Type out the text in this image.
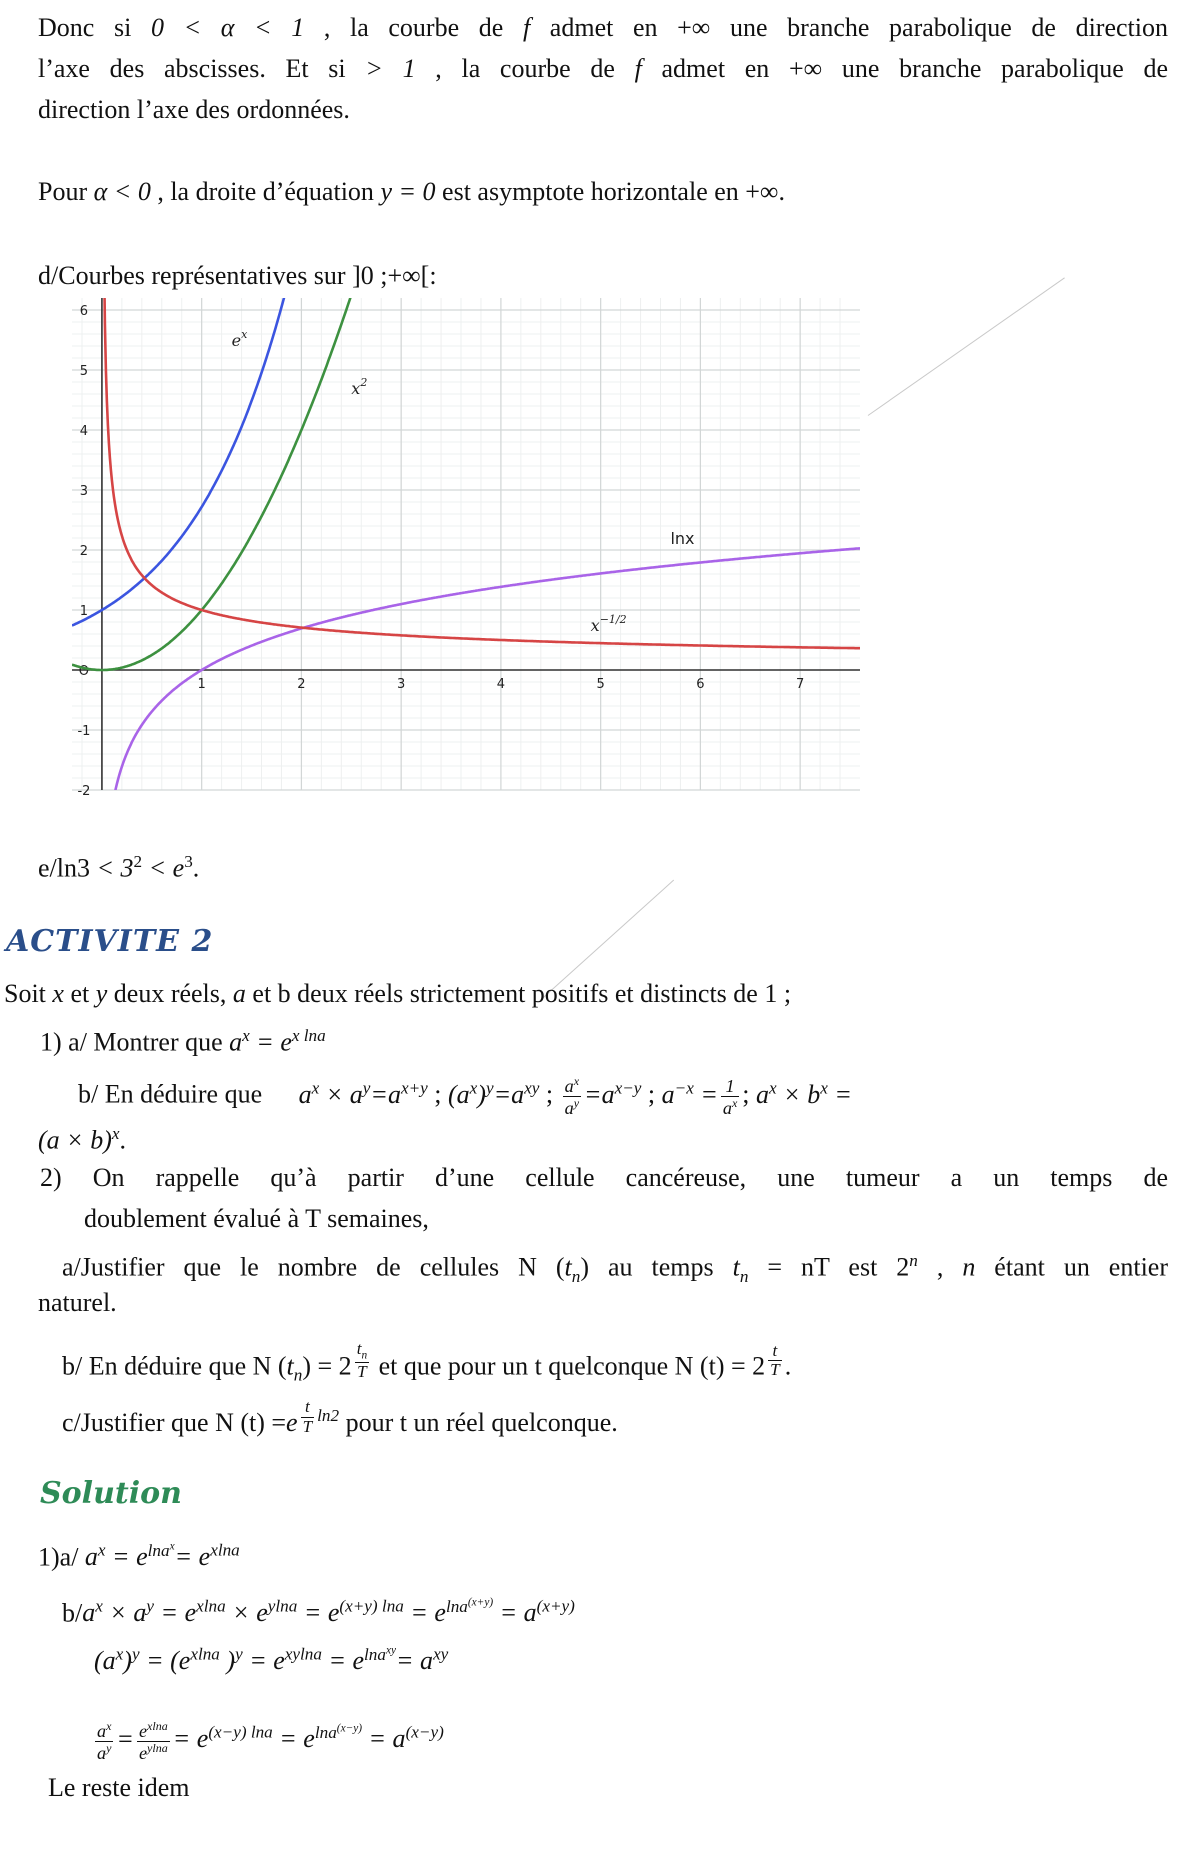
Donc si 0 < α < 1 , la courbe de f admet en +∞ une branche parabolique de direction
l’axe des abscisses. Et si > 1 , la courbe de f admet en +∞ une branche parabolique de
direction l’axe des ordonnées.
Pour α < 0 , la droite d’équation y = 0 est asymptote horizontale en +∞.
d/Courbes représentatives sur ]0 ;+∞[:
1	2	3	4	5	6	7
6
5
4
3
2
1
O
-1
-2
$e^x$
$x^2$
lnx
$x^{-1/2}$
$e/\ln 3 < 3^2 < e^3$.
ACTIVITE 2
Soit x et y deux réels, a et b deux réels strictement positifs et distincts de 1 ;
1) a/ Montrer que $a^x = e^{x lna}$
b/ En déduire que $a^x \times a^y=a^{x+y}$ ; $(a^x)^y=a^{xy}$ ; $\frac{a^x}{a^y} =a^{x-y}$ ; $a^{-x} = \frac{1}{a^x}$ ; $a^x \times b^x$ =
$(a \times b)^x$.
2) On rappelle qu’à partir d’une cellule cancéreuse, une tumeur a un temps de
doublement évalué à T semaines,
a/Justifier que le nombre de cellules N $(t_n)$ au temps $t_n$ = nT est 2$^n$ , n étant un entier
naturel.
b/ En déduire que N $(t_n) = 2$ $^{\frac{t_n}{T}}$ et que pour un t quelconque N (t) = 2 $^{\frac{t}{T}}$ .
c/Justifier que N (t) =e $^{\frac{t}{T} ln2}$ pour t un réel quelconque.
Solution
1)a/ $a^x = e^{lna^x}= e^{xlna}$
$b/a^x \times a^y = e^{xlna} \times e^{ylna} = e^{(x+y) lna} = e^{lna^{(x+y)}} = a^{(x+y)}$
$(a^x)^y = (e^{xlna}$ )$^y = e^{xylna} = e^{lna^{xy}}= a^{xy}$
$\frac{a^x}{a^y} = \frac{e^{xlna}}{e^{ylna}} = e^{(x-y) lna} = e^{lna^{(x-y)}} = a^{(x-y)}$
Le reste idem
